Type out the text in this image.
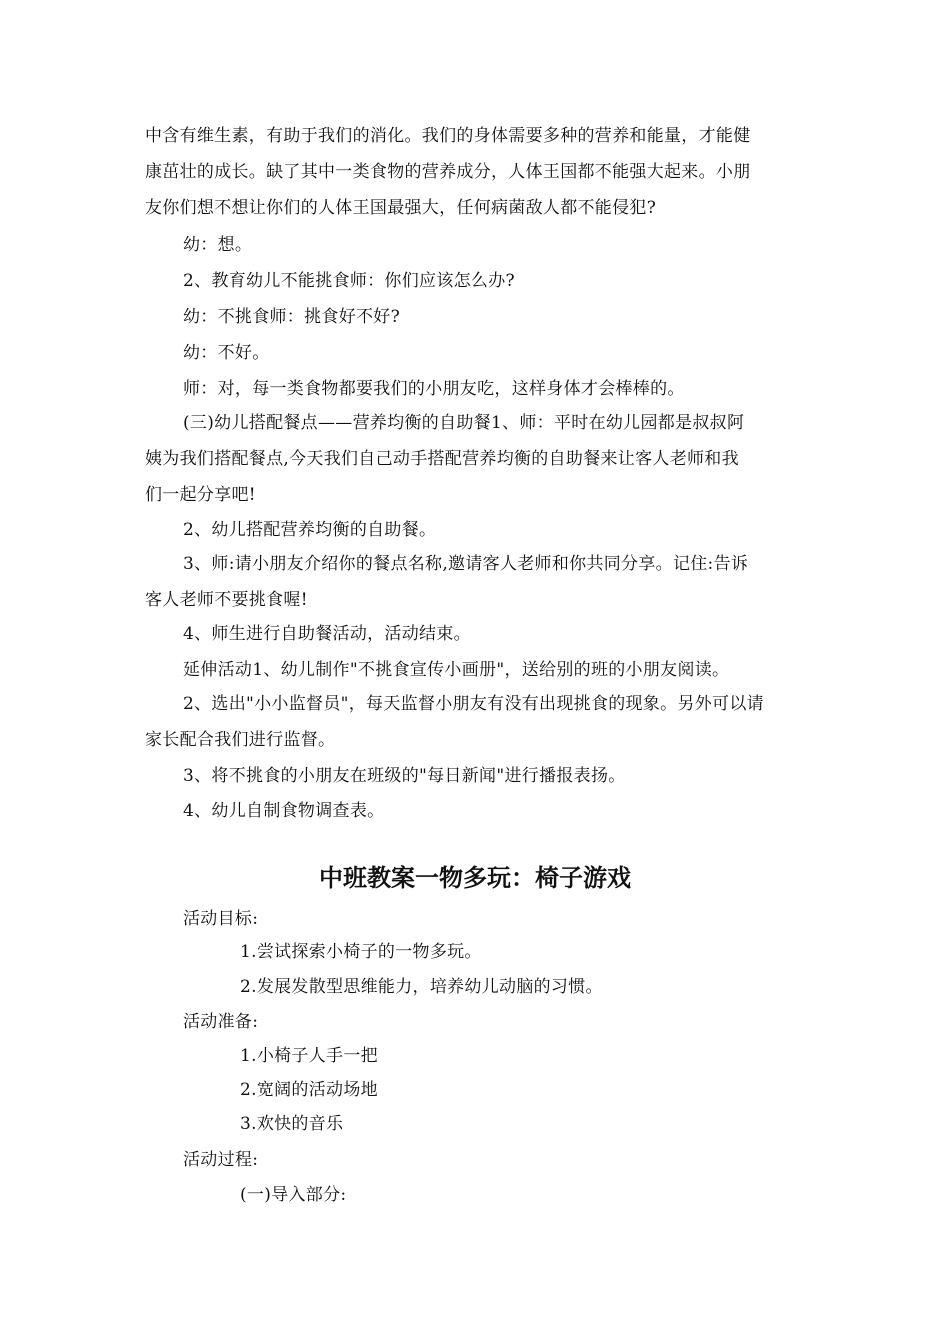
中含有维生素，有助于我们的消化。我们的身体需要多种的营养和能量，才能健
康茁壮的成长。缺了其中一类食物的营养成分，人体王国都不能强大起来。小朋
友你们想不想让你们的人体王国最强大，任何病菌敌人都不能侵犯?
幼：想。
2、教育幼儿不能挑食师：你们应该怎么办?
幼：不挑食师：挑食好不好?
幼：不好。
师：对，每一类食物都要我们的小朋友吃，这样身体才会棒棒的。
(三)幼儿搭配餐点——营养均衡的自助餐1、师：平时在幼儿园都是叔叔阿
姨为我们搭配餐点,今天我们自己动手搭配营养均衡的自助餐来让客人老师和我
们一起分享吧!
2、幼儿搭配营养均衡的自助餐。
3、师:请小朋友介绍你的餐点名称,邀请客人老师和你共同分享。记住:告诉
客人老师不要挑食喔!
4、师生进行自助餐活动，活动结束。
延伸活动1、幼儿制作"不挑食宣传小画册"，送给别的班的小朋友阅读。
2、选出"小小监督员"，每天监督小朋友有没有出现挑食的现象。另外可以请
家长配合我们进行监督。
3、将不挑食的小朋友在班级的"每日新闻"进行播报表扬。
4、幼儿自制食物调查表。
中班教案一物多玩：椅子游戏
活动目标:
1.尝试探索小椅子的一物多玩。
2.发展发散型思维能力，培养幼儿动脑的习惯。
活动准备:
1.小椅子人手一把
2.宽阔的活动场地
3.欢快的音乐
活动过程:
(一)导入部分:
